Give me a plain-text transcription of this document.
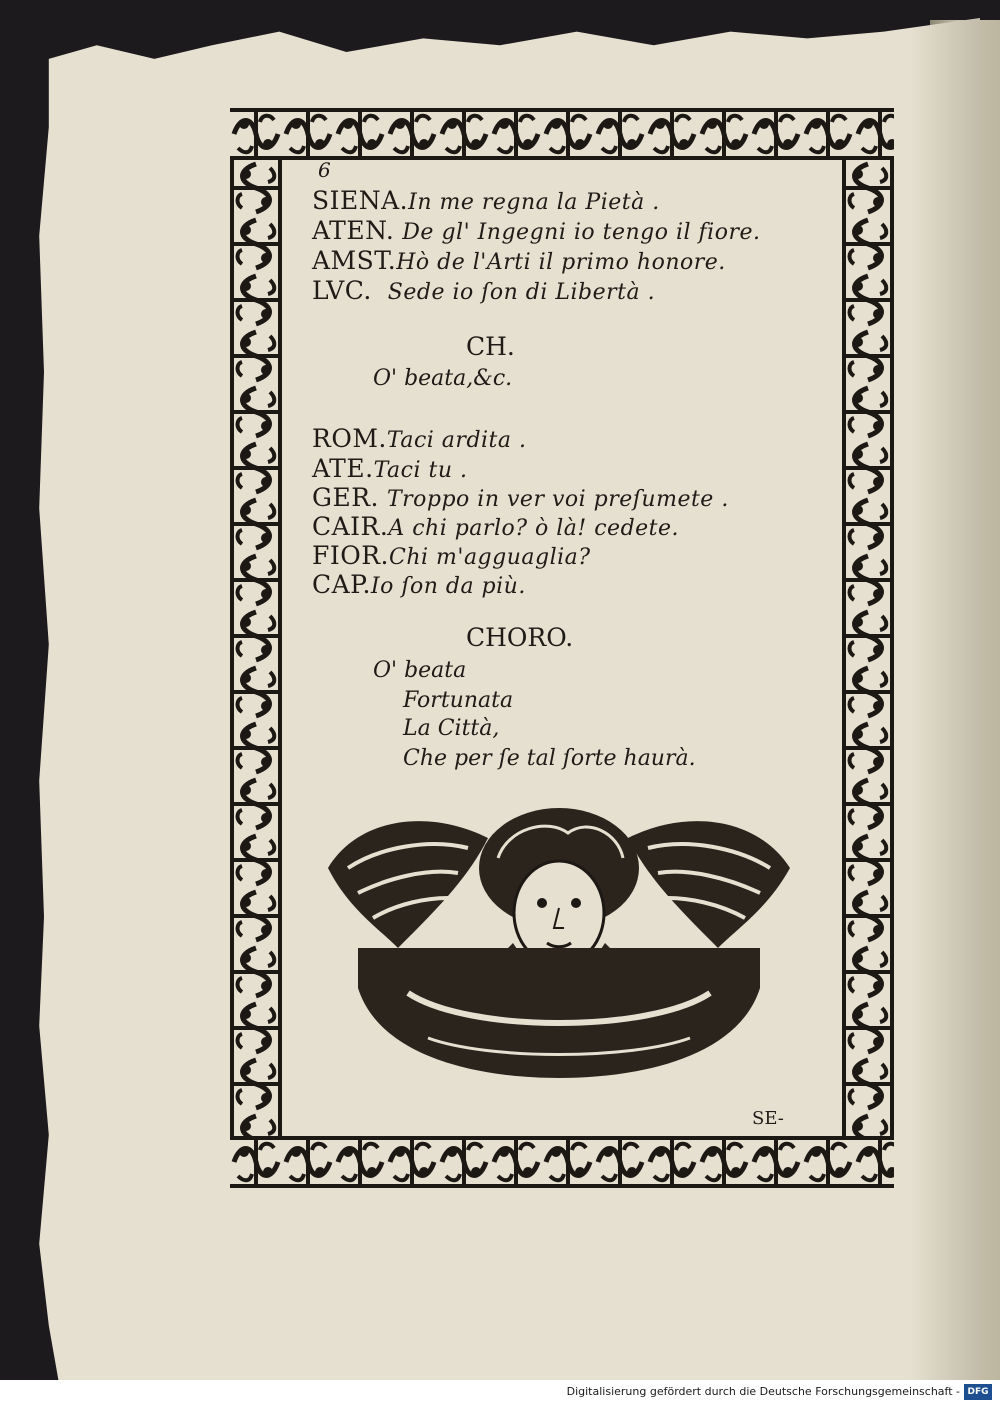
6
SIENA.In me regna la Pietà .
ATEN. De gl' Ingegni io tengo il fiore.
AMST.Hò de l'Arti il primo honore.
LVC. Sede io ſon di Libertà .
CH.
O' beata,&c.
ROM.Taci ardita .
ATE.Taci tu .
GER. Troppo in ver voi preſumete .
CAIR.A chi parlo? ò là! cedete.
FIOR.Chi m'agguaglia?
CAP.Io ſon da più.
CHORO.
O' beata
Fortunata
La Città,
Che per ſe tal ſorte haurà.
SE-
Digitalisierung gefördert durch die Deutsche Forschungsgemeinschaft - DFG
